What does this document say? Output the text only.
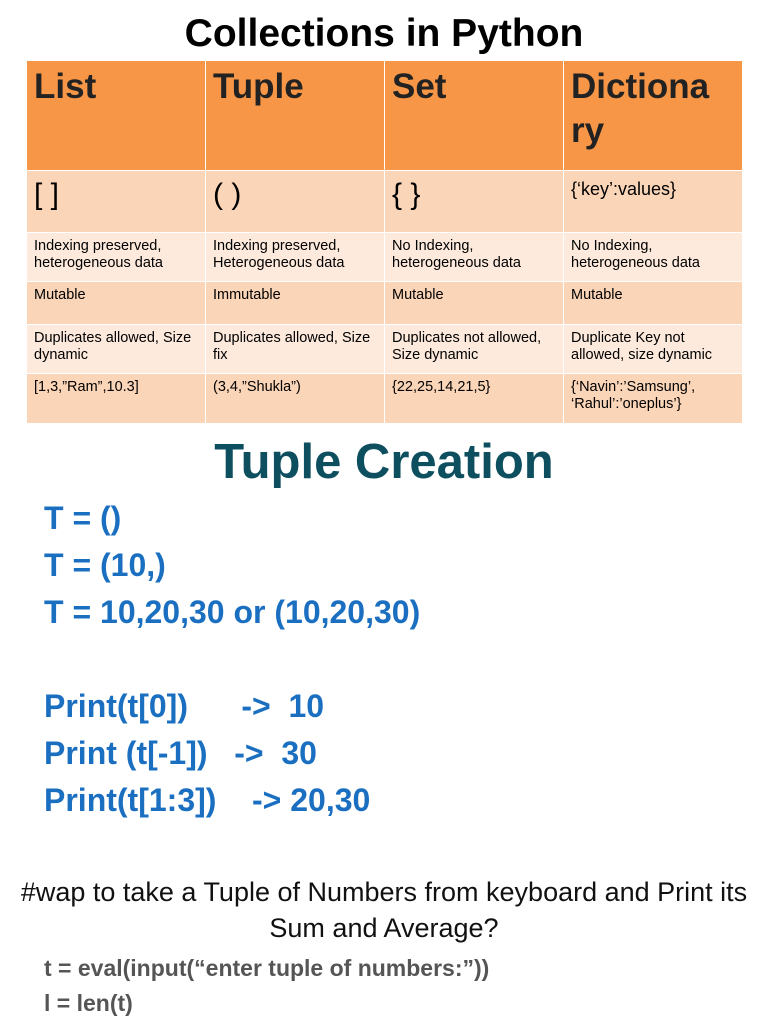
Collections in Python
List	Tuple	Set	Dictiona
ry
[ ]	( )	{ }	{‘key’:values}
Indexing preserved, heterogeneous data	Indexing preserved, Heterogeneous data	No Indexing, heterogeneous data	No Indexing, heterogeneous data
Mutable	Immutable	Mutable	Mutable
Duplicates allowed, Size dynamic	Duplicates allowed, Size fix	Duplicates not allowed, Size dynamic	Duplicate Key not allowed, size dynamic
[1,3,”Ram”,10.3]	(3,4,”Shukla”)	{22,25,14,21,5}	{‘Navin’:’Samsung’, ‘Rahul’:’oneplus’}
Tuple Creation
T = ()
T = (10,)
T = 10,20,30 or (10,20,30)
Print(t[0])      ->  10
Print (t[-1])   ->  30
Print(t[1:3])    -> 20,30
#wap to take a Tuple of Numbers from keyboard and Print its Sum and Average?
t = eval(input(“enter tuple of numbers:”))
l = len(t)
